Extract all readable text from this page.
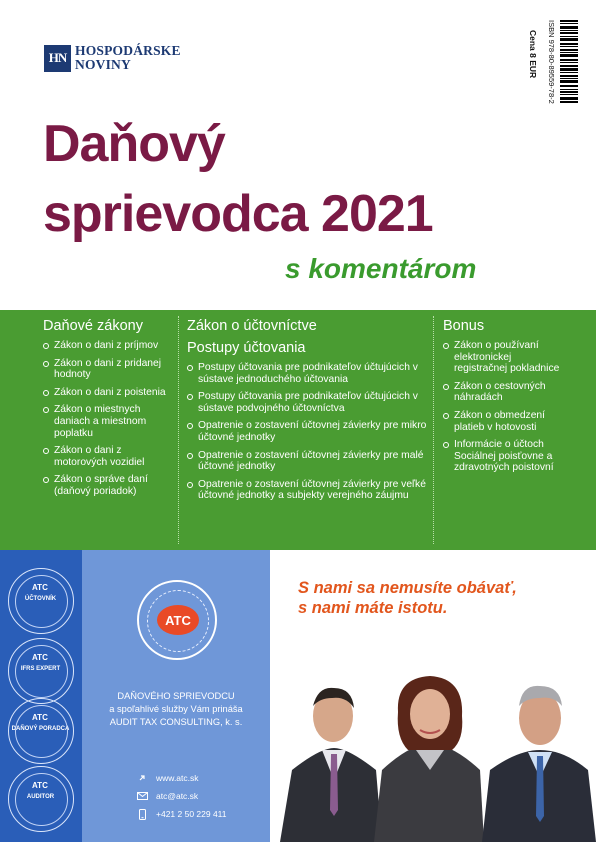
HN HOSPODÁRSKE
NOVINY	Cena 8 EUR	ISBN 978-80-89559-78-2
Daňový
sprievodca 2021
s komentárom
Daňové zákony
Zákon o dani z príjmov
Zákon o dani z pridanej hodnoty
Zákon o dani z poistenia
Zákon o miestnych daniach a miestnom poplatku
Zákon o dani z motorových vozidiel
Zákon o správe daní (daňový poriadok)
Zákon o účtovníctve
Postupy účtovania
Postupy účtovania pre podnikateľov účtujúcich v sústave jednoduchého účtovania
Postupy účtovania pre podnikateľov účtujúcich v sústave podvojného účtovníctva
Opatrenie o zostavení účtovnej závierky pre mikro účtovné jednotky
Opatrenie o zostavení účtovnej závierky pre malé účtovné jednotky
Opatrenie o zostavení účtovnej závierky pre veľké účtovné jednotky a subjekty verejného záujmu
Bonus
Zákon o používaní elektronickej registračnej pokladnice
Zákon o cestovných náhradách
Zákon o obmedzení platieb v hotovosti
Informácie o účtoch Sociálnej poisťovne a zdravotných poistovní
ATC
ÚČTOVNÍK
ATC
IFRS EXPERT
ATC
DAŇOVÝ PORADCA
ATC
AUDITOR
ATC
DAŇOVÉHO SPRIEVODCU
a spoľahlivé služby Vám prináša
AUDIT TAX CONSULTING, k. s.
www.atc.sk
atc@atc.sk
+421 2 50 229 411
S nami sa nemusíte obávať,
s nami máte istotu.
